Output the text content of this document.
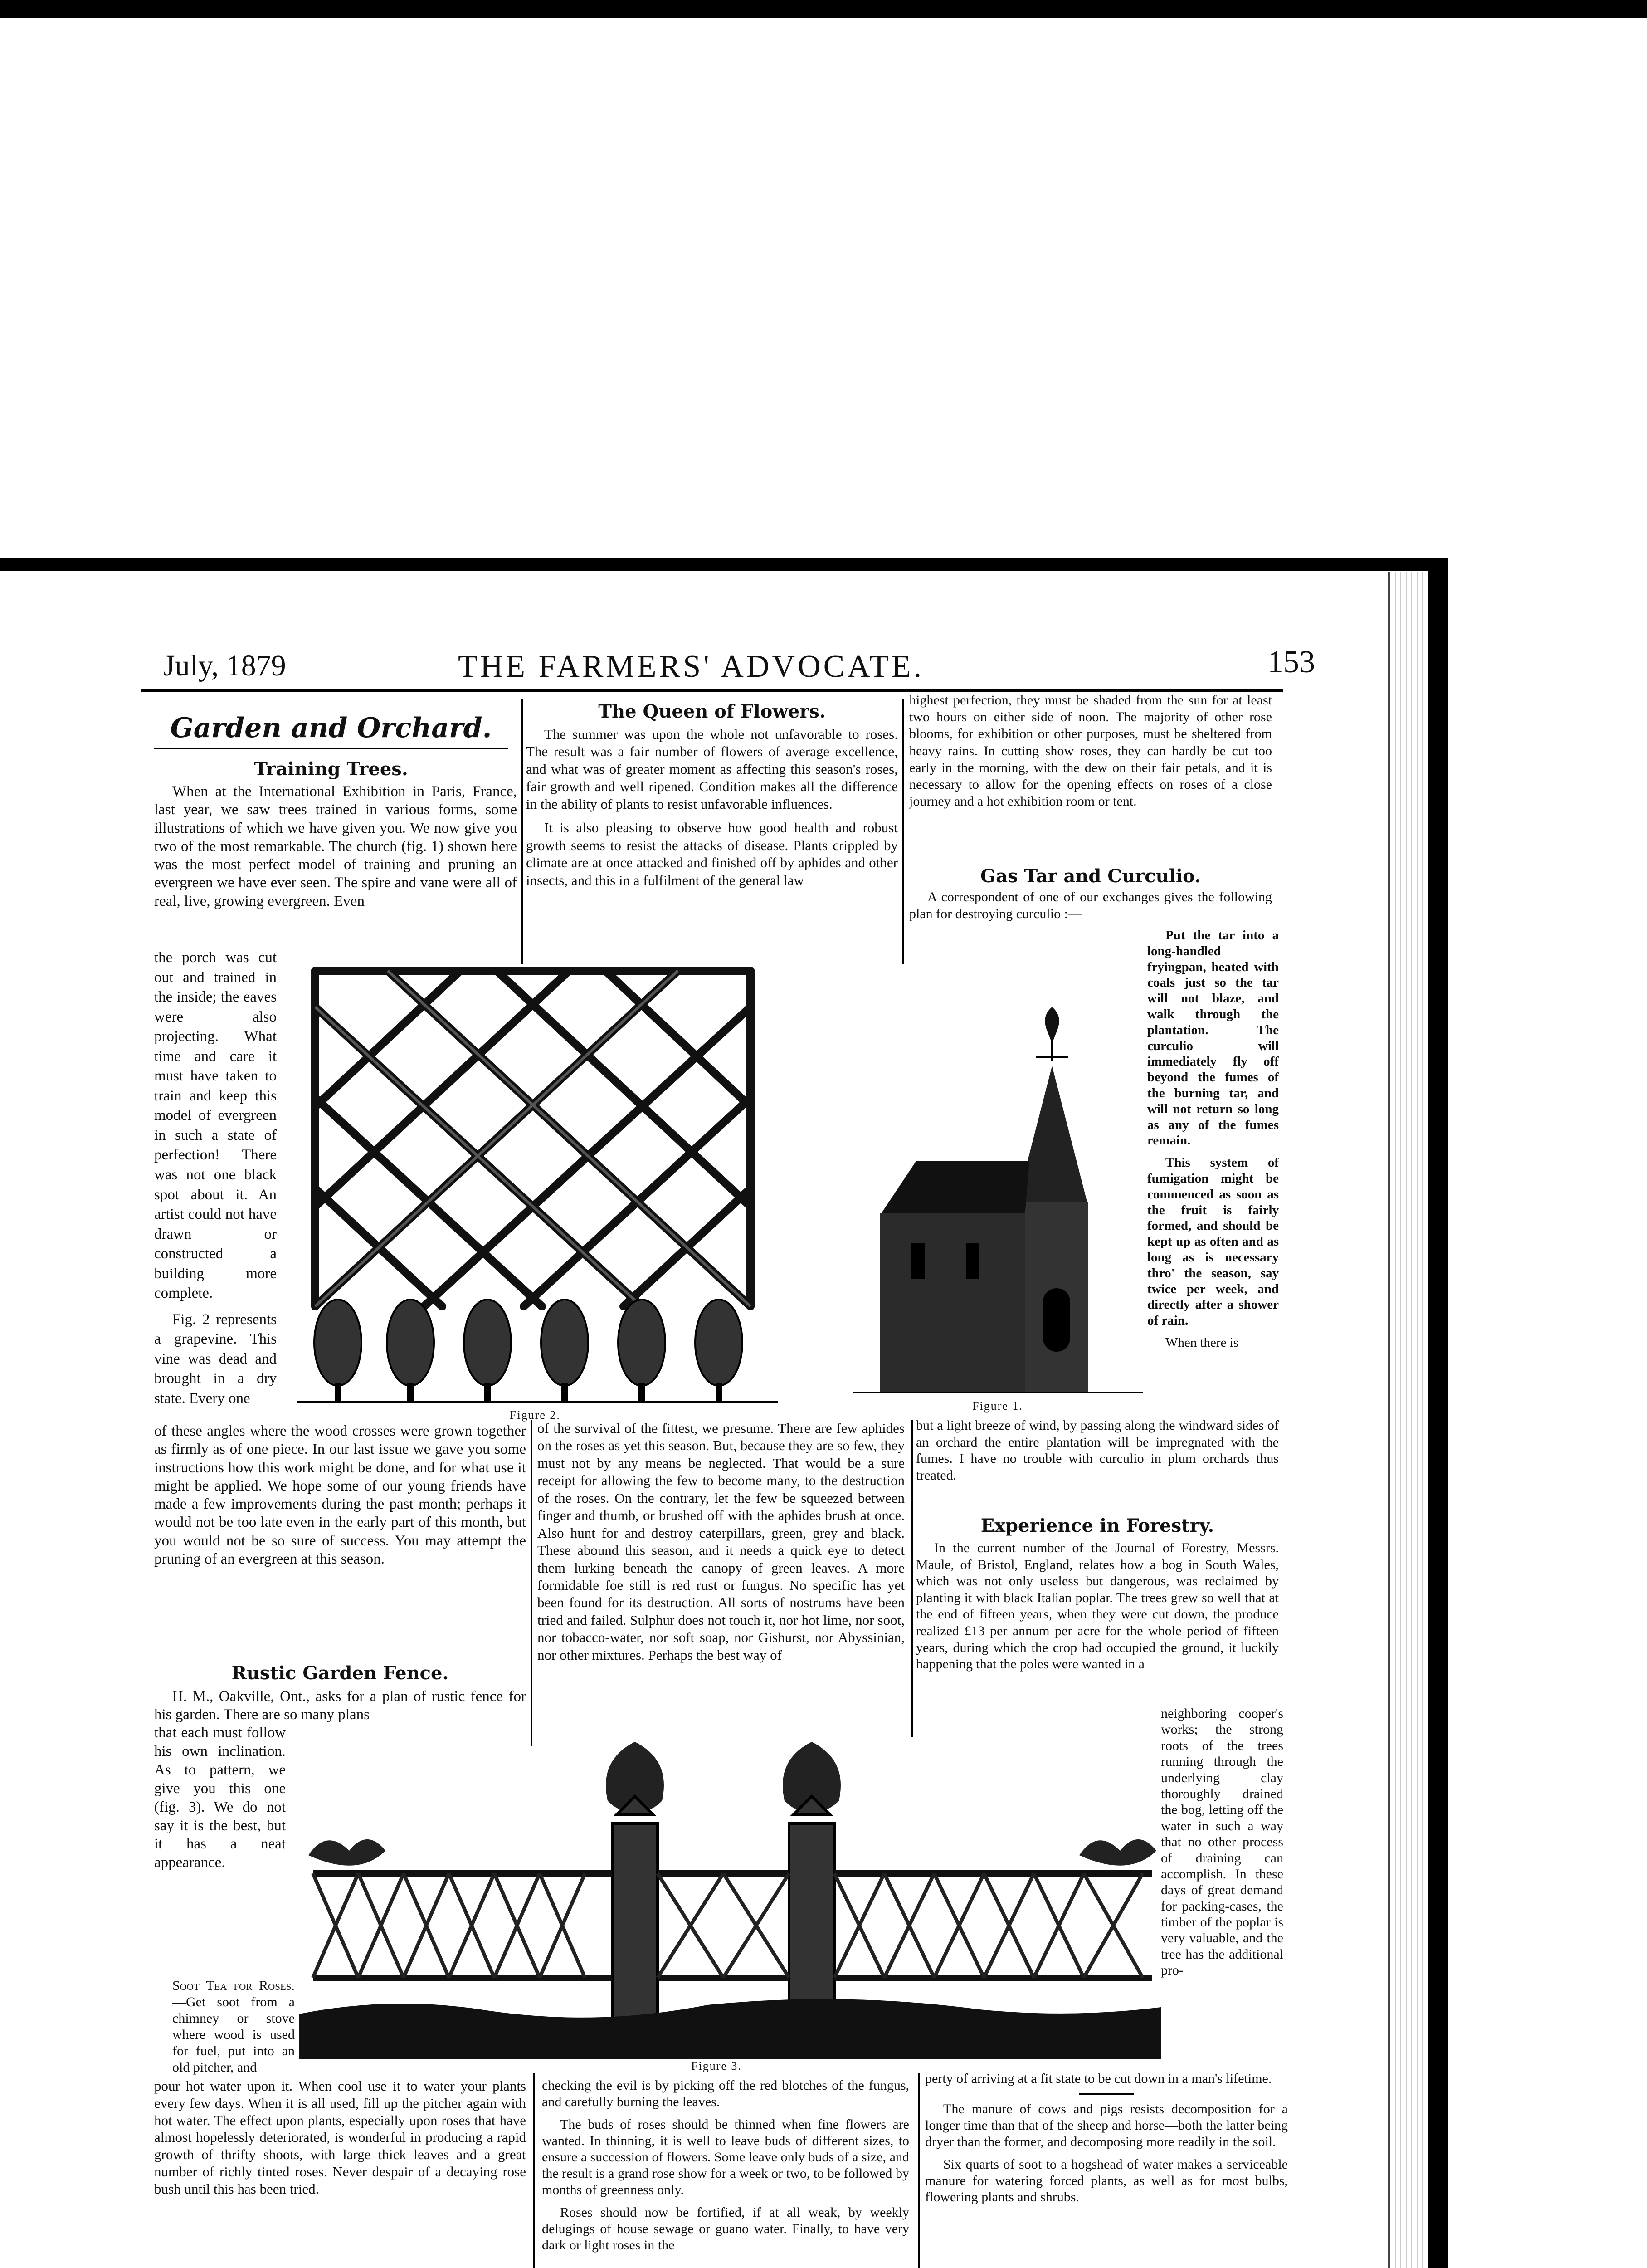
July, 1879	THE FARMERS' ADVOCATE.	153
Garden and Orchard.
Training Trees.

When at the International Exhibition in Paris, France, last year, we saw trees trained in various forms, some illustrations of which we have given you. We now give you two of the most remarkable. The church (fig. 1) shown here was the most perfect model of training and pruning an evergreen we have ever seen. The spire and vane were all of real, live, growing evergreen. Even

the porch was cut out and trained in the inside; the eaves were also projecting. What time and care it must have taken to train and keep this model of evergreen in such a state of perfection! There was not one black spot about it. An artist could not have drawn or constructed a building more complete.

Fig. 2 represents a grapevine. This vine was dead and brought in a dry state. Every one

Figure 2.
The Queen of Flowers.

The summer was upon the whole not unfavorable to roses. The result was a fair number of flowers of average excellence, and what was of greater moment as affecting this season's roses, fair growth and well ripened. Condition makes all the difference in the ability of plants to resist unfavorable influences.

It is also pleasing to observe how good health and robust growth seems to resist the attacks of disease. Plants crippled by climate are at once attacked and finished off by aphides and other insects, and this in a fulfilment of the general law

highest perfection, they must be shaded from the sun for at least two hours on either side of noon. The majority of other rose blooms, for exhibition or other purposes, must be sheltered from heavy rains. In cutting show roses, they can hardly be cut too early in the morning, with the dew on their fair petals, and it is necessary to allow for the opening effects on roses of a close journey and a hot exhibition room or tent.

Gas Tar and Curculio.

A correspondent of one of our exchanges gives the following plan for destroying curculio :—

Put the tar into a long-handled fryingpan, heated with coals just so the tar will not blaze, and walk through the plantation. The curculio will immediately fly off beyond the fumes of the burning tar, and will not return so long as any of the fumes remain.

This system of fumigation might be commenced as soon as the fruit is fairly formed, and should be kept up as often and as long as is necessary thro' the season, say twice per week, and directly after a shower of rain.

When there is

Figure 1.

of these angles where the wood crosses were grown together as firmly as of one piece. In our last issue we gave you some instructions how this work might be done, and for what use it might be applied. We hope some of our young friends have made a few improvements during the past month; perhaps it would not be too late even in the early part of this month, but you would not be so sure of success. You may attempt the pruning of an evergreen at this season.

of the survival of the fittest, we presume. There are few aphides on the roses as yet this season. But, because they are so few, they must not by any means be neglected. That would be a sure receipt for allowing the few to become many, to the destruction of the roses. On the contrary, let the few be squeezed between finger and thumb, or brushed off with the aphides brush at once. Also hunt for and destroy caterpillars, green, grey and black. These abound this season, and it needs a quick eye to detect them lurking beneath the canopy of green leaves. A more formidable foe still is red rust or fungus. No specific has yet been found for its destruction. All sorts of nostrums have been tried and failed. Sulphur does not touch it, nor hot lime, nor soot, nor tobacco-water, nor soft soap, nor Gishurst, nor Abyssinian, nor other mixtures. Perhaps the best way of

but a light breeze of wind, by passing along the windward sides of an orchard the entire plantation will be impregnated with the fumes. I have no trouble with curculio in plum orchards thus treated.

Experience in Forestry.

In the current number of the Journal of Forestry, Messrs. Maule, of Bristol, England, relates how a bog in South Wales, which was not only useless but dangerous, was reclaimed by planting it with black Italian poplar. The trees grew so well that at the end of fifteen years, when they were cut down, the produce realized £13 per annum per acre for the whole period of fifteen years, during which the crop had occupied the ground, it luckily happening that the poles were wanted in a

neighboring cooper's works; the strong roots of the trees running through the underlying clay thoroughly drained the bog, letting off the water in such a way that no other process of draining can accomplish. In these days of great demand for packing-cases, the timber of the poplar is very valuable, and the tree has the additional pro-

Rustic Garden Fence.

H. M., Oakville, Ont., asks for a plan of rustic fence for his garden. There are so many plans

that each must follow his own inclination. As to pattern, we give you this one (fig. 3). We do not say it is the best, but it has a neat appearance.

Figure 3.

Soot Tea for Roses.—Get soot from a chimney or stove where wood is used for fuel, put into an old pitcher, and

pour hot water upon it. When cool use it to water your plants every few days. When it is all used, fill up the pitcher again with hot water. The effect upon plants, especially upon roses that have almost hopelessly deteriorated, is wonderful in producing a rapid growth of thrifty shoots, with large thick leaves and a great number of richly tinted roses. Never despair of a decaying rose bush until this has been tried.

checking the evil is by picking off the red blotches of the fungus, and carefully burning the leaves.

The buds of roses should be thinned when fine flowers are wanted. In thinning, it is well to leave buds of different sizes, to ensure a succession of flowers. Some leave only buds of a size, and the result is a grand rose show for a week or two, to be followed by months of greenness only.

Roses should now be fortified, if at all weak, by weekly delugings of house sewage or guano water. Finally, to have very dark or light roses in the

perty of arriving at a fit state to be cut down in a man's lifetime.

The manure of cows and pigs resists decomposition for a longer time than that of the sheep and horse—both the latter being dryer than the former, and decomposing more readily in the soil.

Six quarts of soot to a hogshead of water makes a serviceable manure for watering forced plants, as well as for most bulbs, flowering plants and shrubs.
